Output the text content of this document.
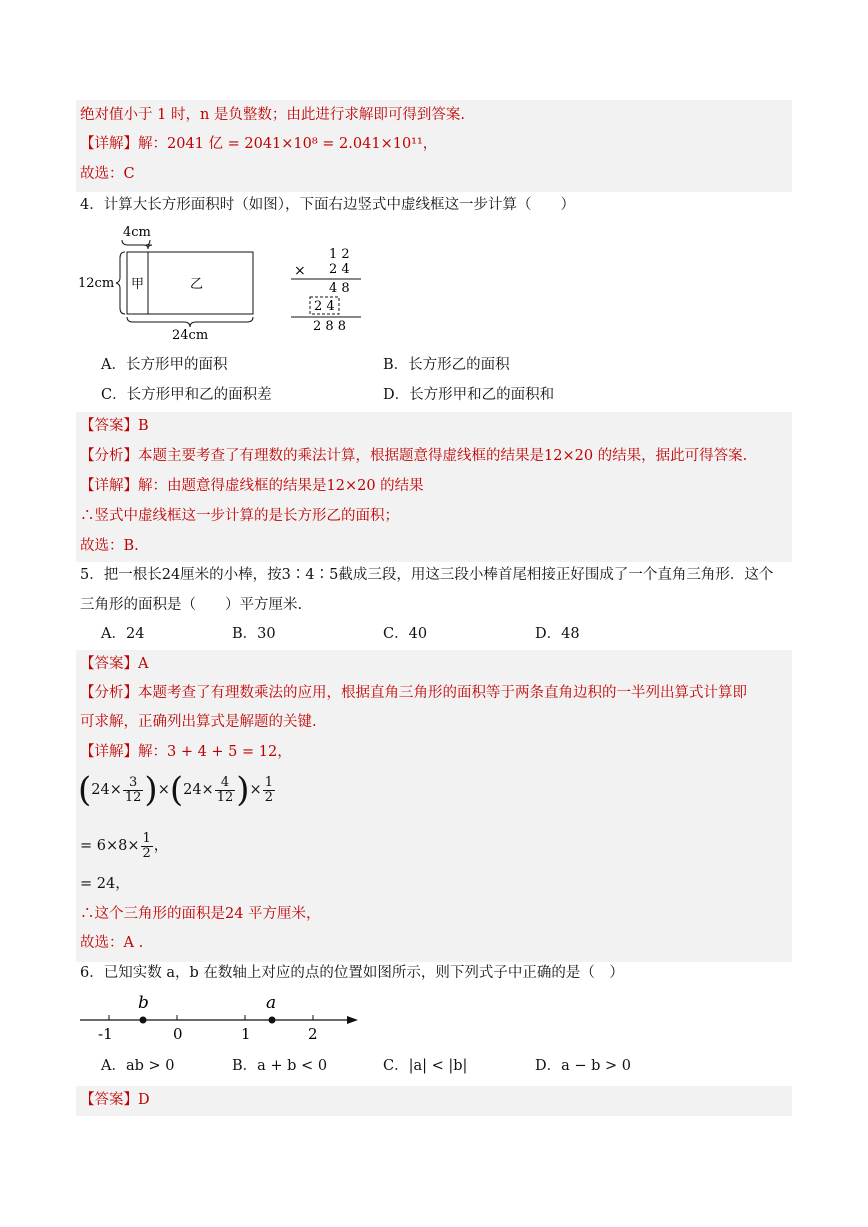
绝对值小于 1 时，n 是负整数；由此进行求解即可得到答案.
【详解】解：2041 亿 = 2041×10⁸ = 2.041×10¹¹，
故选：C
4．计算大长方形面积时（如图），下面右边竖式中虚线框这一步计算（　　）
4cm
12cm 甲	乙
24cm
1 2
× 2 4
4 8
2 4
2 8 8
A．长方形甲的面积	B．长方形乙的面积
C．长方形甲和乙的面积差	D．长方形甲和乙的面积和
【答案】B
【分析】本题主要考查了有理数的乘法计算，根据题意得虚线框的结果是12×20 的结果，据此可得答案.
【详解】解：由题意得虚线框的结果是12×20 的结果
∴竖式中虚线框这一步计算的是长方形乙的面积；
故选：B.
5．把一根长24厘米的小棒，按3∶4∶5截成三段，用这三段小棒首尾相接正好围成了一个直角三角形．这个
三角形的面积是（　　）平方厘米.
A．24	B．30	C．40	D．48
【答案】A
【分析】本题考查了有理数乘法的应用，根据直角三角形的面积等于两条直角边积的一半列出算式计算即
可求解，正确列出算式是解题的关键.
【详解】解：3 + 4 + 5 = 12，
$(24\times \frac{3}{12} )\times(24\times \frac{4}{12}$ )× $\frac{1}{2}$
= $6\times 8\times \frac{1}{2}$ ，
= 24，
∴这个三角形的面积是24 平方厘米，
故选：A .
6．已知实数 a，b 在数轴上对应的点的位置如图所示，则下列式子中正确的是（　）
-1	0	1	2
b	a
A．ab > 0	B．a + b < 0	C．|a| < |b|	D．a − b > 0
【答案】D
